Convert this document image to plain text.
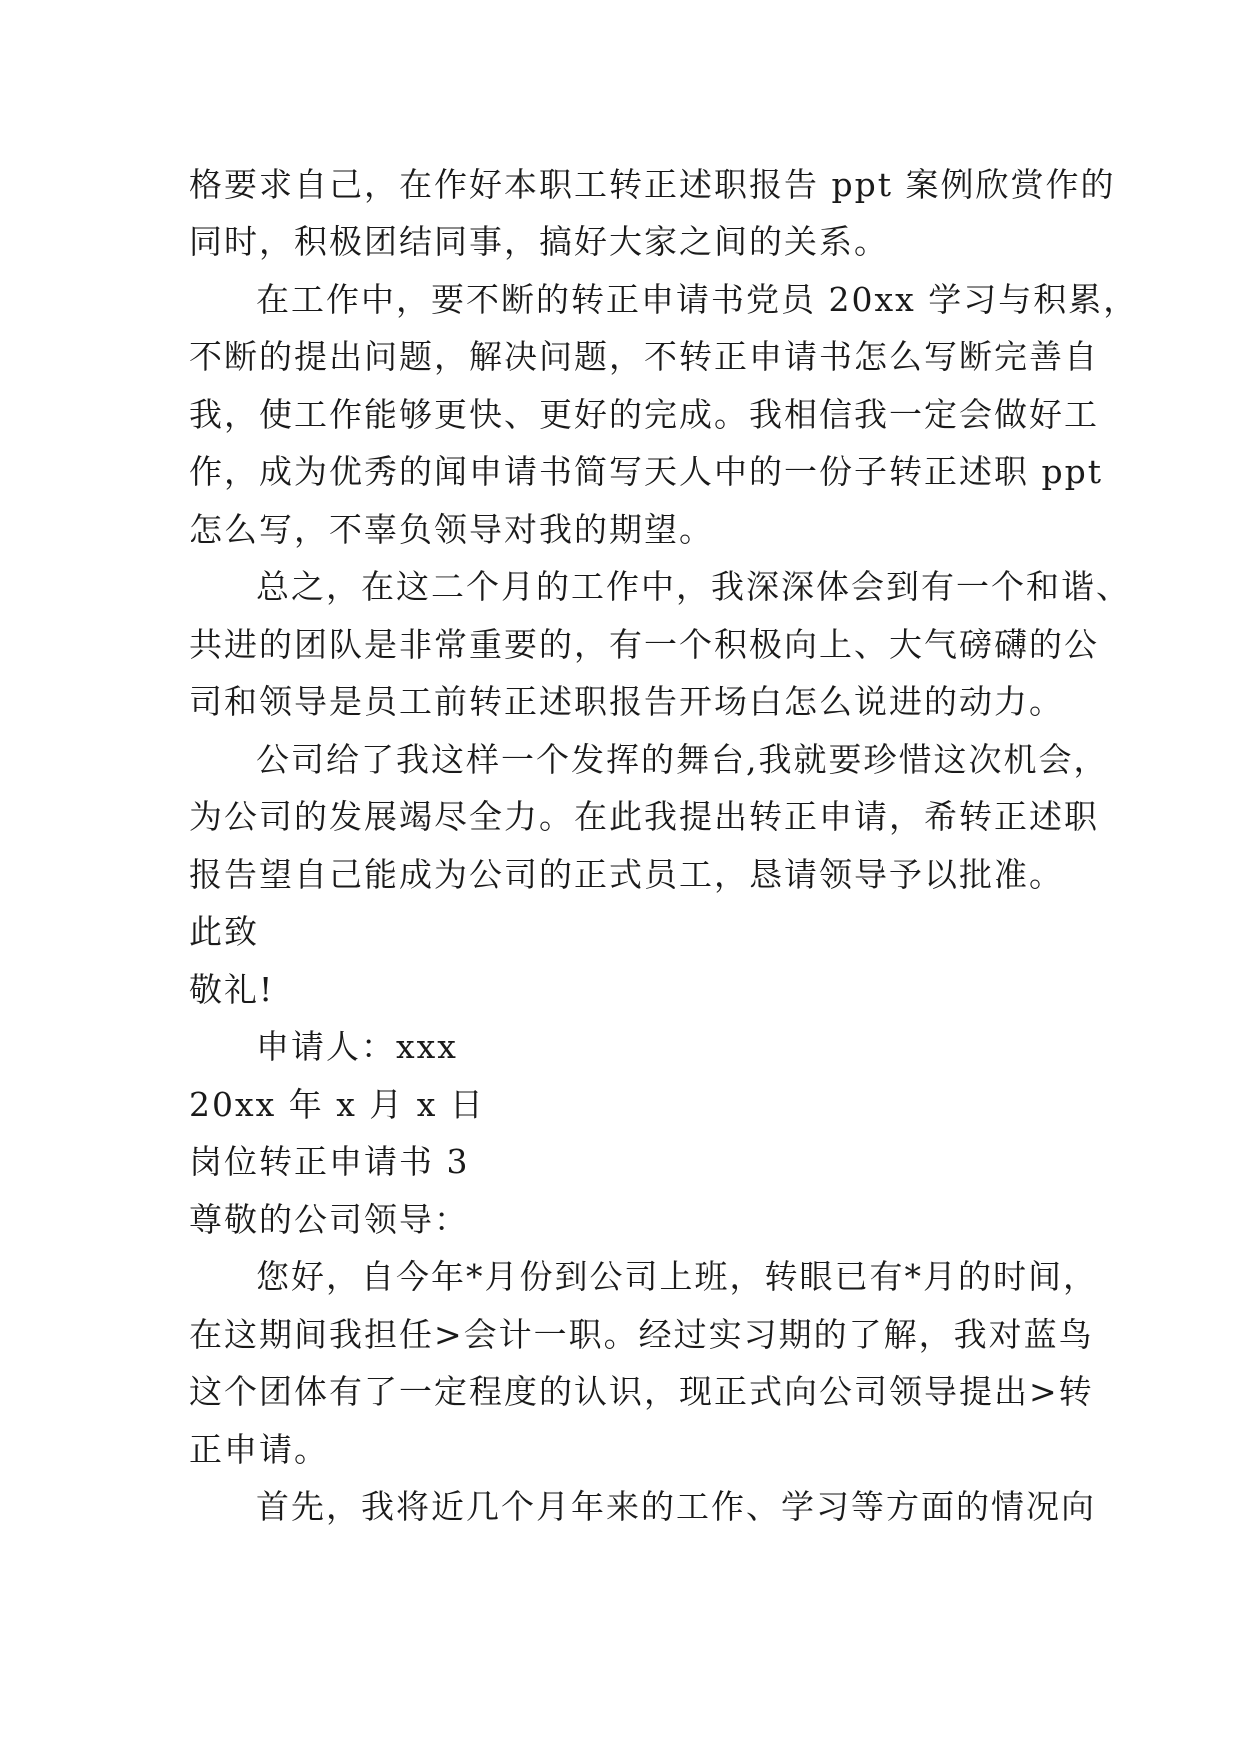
格要求自己，在作好本职工转正述职报告 ppt 案例欣赏作的
同时，积极团结同事，搞好大家之间的关系。
在工作中，要不断的转正申请书党员 20xx 学习与积累，
不断的提出问题，解决问题，不转正申请书怎么写断完善自
我，使工作能够更快、更好的完成。我相信我一定会做好工
作，成为优秀的闻申请书简写天人中的一份子转正述职 ppt
怎么写，不辜负领导对我的期望。
总之，在这二个月的工作中，我深深体会到有一个和谐、
共进的团队是非常重要的，有一个积极向上、大气磅礴的公
司和领导是员工前转正述职报告开场白怎么说进的动力。
公司给了我这样一个发挥的舞台,我就要珍惜这次机会，
为公司的发展竭尽全力。在此我提出转正申请，希转正述职
报告望自己能成为公司的正式员工，恳请领导予以批准。
此致
敬礼!
申请人：xxx
20xx 年 x 月 x 日
岗位转正申请书 3
尊敬的公司领导：
您好，自今年*月份到公司上班，转眼已有*月的时间，
在这期间我担任>会计一职。经过实习期的了解，我对蓝鸟
这个团体有了一定程度的认识，现正式向公司领导提出>转
正申请。
首先，我将近几个月年来的工作、学习等方面的情况向
